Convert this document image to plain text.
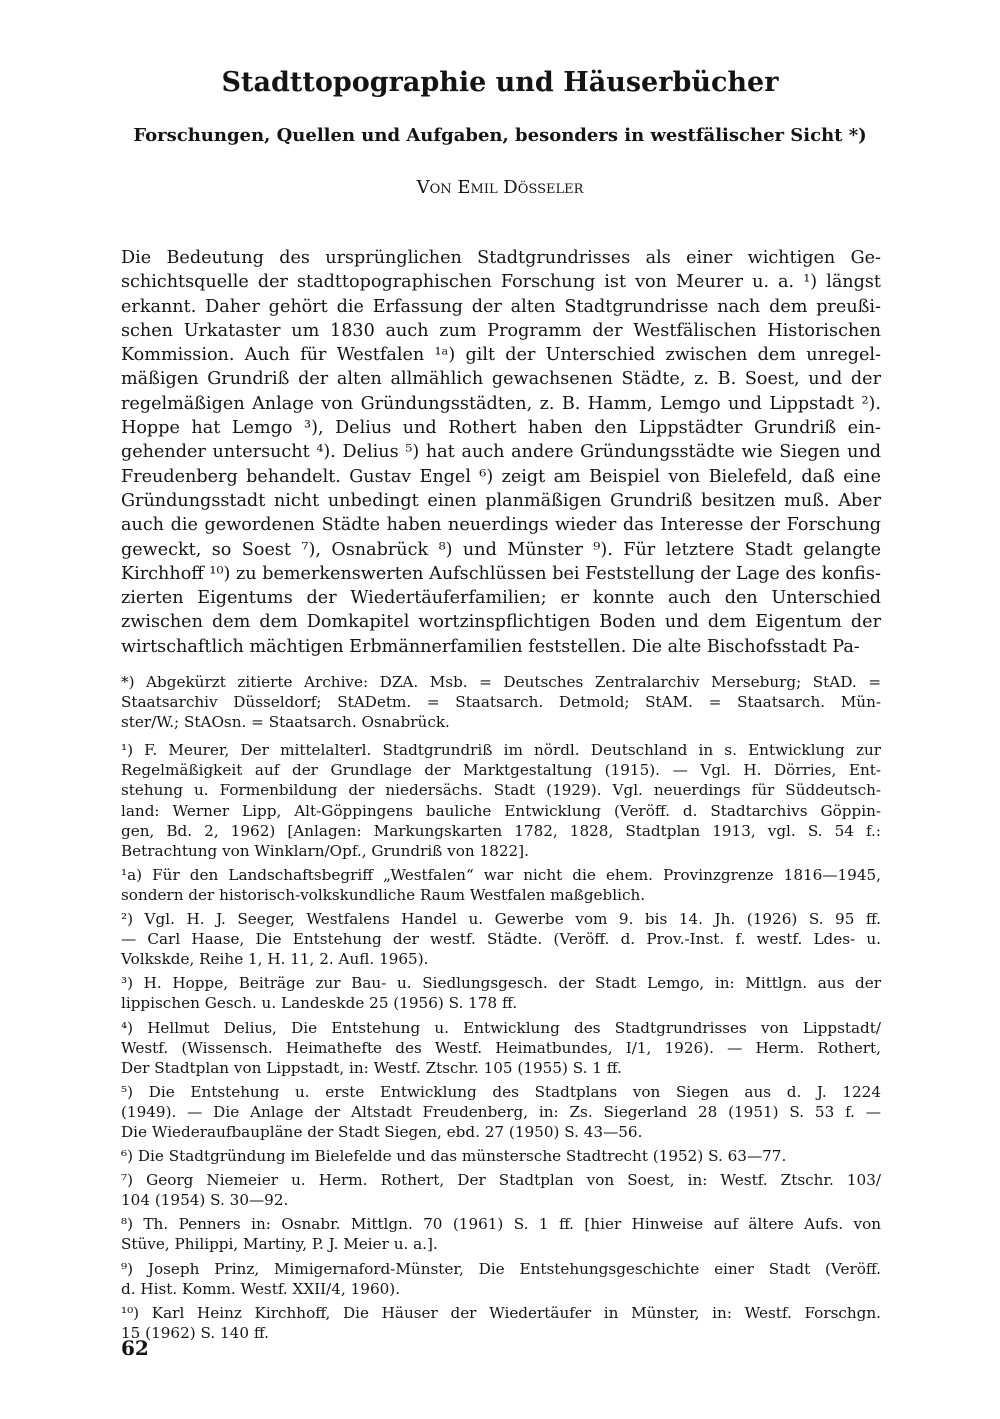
Stadttopographie und Häuserbücher
Forschungen, Quellen und Aufgaben, besonders in westfälischer Sicht *)
Von Emil Dösseler
Die Bedeutung des ursprünglichen Stadtgrundrisses als einer wichtigen Ge-
schichtsquelle der stadttopographischen Forschung ist von Meurer u. a. ¹) längst
erkannt. Daher gehört die Erfassung der alten Stadtgrundrisse nach dem preußi-
schen Urkataster um 1830 auch zum Programm der Westfälischen Historischen
Kommission. Auch für Westfalen ¹ᵃ) gilt der Unterschied zwischen dem unregel-
mäßigen Grundriß der alten allmählich gewachsenen Städte, z. B. Soest, und der
regelmäßigen Anlage von Gründungsstädten, z. B. Hamm, Lemgo und Lippstadt ²).
Hoppe hat Lemgo ³), Delius und Rothert haben den Lippstädter Grundriß ein-
gehender untersucht ⁴). Delius ⁵) hat auch andere Gründungsstädte wie Siegen und
Freudenberg behandelt. Gustav Engel ⁶) zeigt am Beispiel von Bielefeld, daß eine
Gründungsstadt nicht unbedingt einen planmäßigen Grundriß besitzen muß. Aber
auch die gewordenen Städte haben neuerdings wieder das Interesse der Forschung
geweckt, so Soest ⁷), Osnabrück ⁸) und Münster ⁹). Für letztere Stadt gelangte
Kirchhoff ¹⁰) zu bemerkenswerten Aufschlüssen bei Feststellung der Lage des konfis-
zierten Eigentums der Wiedertäuferfamilien; er konnte auch den Unterschied
zwischen dem dem Domkapitel wortzinspflichtigen Boden und dem Eigentum der
wirtschaftlich mächtigen Erbmännerfamilien feststellen. Die alte Bischofsstadt Pa-
*) Abgekürzt zitierte Archive: DZA. Msb. = Deutsches Zentralarchiv Merseburg; StAD. =
Staatsarchiv Düsseldorf; StADetm. = Staatsarch. Detmold; StAM. = Staatsarch. Mün-
ster/W.; StAOsn. = Staatsarch. Osnabrück.
¹) F. Meurer, Der mittelalterl. Stadtgrundriß im nördl. Deutschland in s. Entwicklung zur
Regelmäßigkeit auf der Grundlage der Marktgestaltung (1915). — Vgl. H. Dörries, Ent-
stehung u. Formenbildung der niedersächs. Stadt (1929). Vgl. neuerdings für Süddeutsch-
land: Werner Lipp, Alt-Göppingens bauliche Entwicklung (Veröff. d. Stadtarchivs Göppin-
gen, Bd. 2, 1962) [Anlagen: Markungskarten 1782, 1828, Stadtplan 1913, vgl. S. 54 f.:
Betrachtung von Winklarn/Opf., Grundriß von 1822].
¹a) Für den Landschaftsbegriff „Westfalen“ war nicht die ehem. Provinzgrenze 1816—1945,
sondern der historisch-volkskundliche Raum Westfalen maßgeblich.
²) Vgl. H. J. Seeger, Westfalens Handel u. Gewerbe vom 9. bis 14. Jh. (1926) S. 95 ff.
— Carl Haase, Die Entstehung der westf. Städte. (Veröff. d. Prov.-Inst. f. westf. Ldes- u.
Volkskde, Reihe 1, H. 11, 2. Aufl. 1965).
³) H. Hoppe, Beiträge zur Bau- u. Siedlungsgesch. der Stadt Lemgo, in: Mittlgn. aus der
lippischen Gesch. u. Landeskde 25 (1956) S. 178 ff.
⁴) Hellmut Delius, Die Entstehung u. Entwicklung des Stadtgrundrisses von Lippstadt/
Westf. (Wissensch. Heimathefte des Westf. Heimatbundes, I/1, 1926). — Herm. Rothert,
Der Stadtplan von Lippstadt, in: Westf. Ztschr. 105 (1955) S. 1 ff.
⁵) Die Entstehung u. erste Entwicklung des Stadtplans von Siegen aus d. J. 1224
(1949). — Die Anlage der Altstadt Freudenberg, in: Zs. Siegerland 28 (1951) S. 53 f. —
Die Wiederaufbaupläne der Stadt Siegen, ebd. 27 (1950) S. 43—56.
⁶) Die Stadtgründung im Bielefelde und das münstersche Stadtrecht (1952) S. 63—77.
⁷) Georg Niemeier u. Herm. Rothert, Der Stadtplan von Soest, in: Westf. Ztschr. 103/
104 (1954) S. 30—92.
⁸) Th. Penners in: Osnabr. Mittlgn. 70 (1961) S. 1 ff. [hier Hinweise auf ältere Aufs. von
Stüve, Philippi, Martiny, P. J. Meier u. a.].
⁹) Joseph Prinz, Mimigernaford-Münster, Die Entstehungsgeschichte einer Stadt (Veröff.
d. Hist. Komm. Westf. XXII/4, 1960).
¹⁰) Karl Heinz Kirchhoff, Die Häuser der Wiedertäufer in Münster, in: Westf. Forschgn.
15 (1962) S. 140 ff.
62
